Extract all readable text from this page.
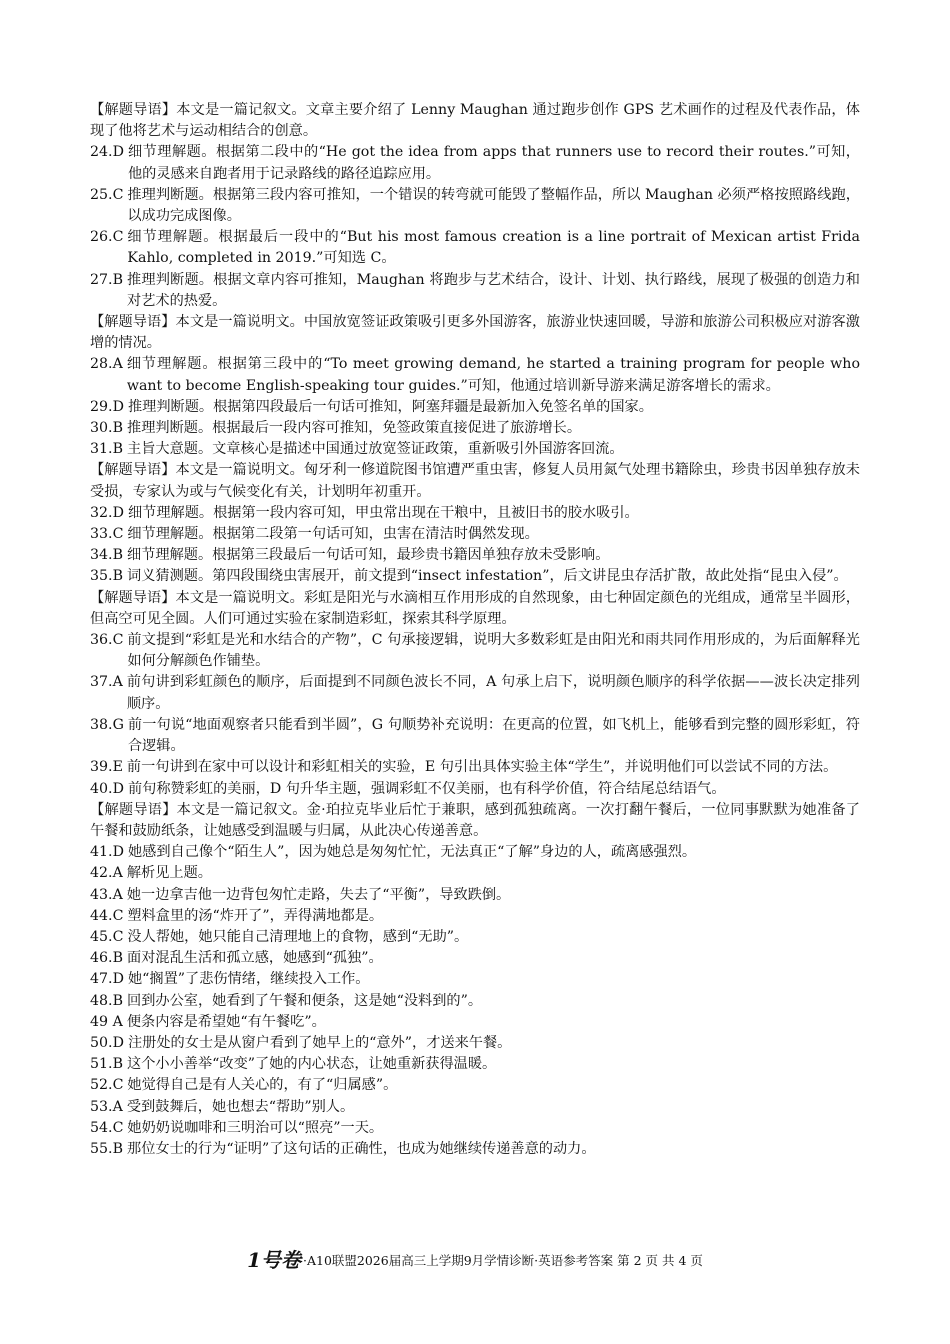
【解题导语】本文是一篇记叙文。文章主要介绍了 Lenny Maughan 通过跑步创作 GPS 艺术画作的过程及代表作品，体现了他将艺术与运动相结合的创意。
24.D 细节理解题。根据第二段中的“He got the idea from apps that runners use to record their routes.”可知，他的灵感来自跑者用于记录路线的路径追踪应用。
25.C 推理判断题。根据第三段内容可推知，一个错误的转弯就可能毁了整幅作品，所以 Maughan 必须严格按照路线跑，以成功完成图像。
26.C 细节理解题。根据最后一段中的“But his most famous creation is a line portrait of Mexican artist Frida Kahlo, completed in 2019.”可知选 C。
27.B 推理判断题。根据文章内容可推知，Maughan 将跑步与艺术结合，设计、计划、执行路线，展现了极强的创造力和对艺术的热爱。
【解题导语】本文是一篇说明文。中国放宽签证政策吸引更多外国游客，旅游业快速回暖，导游和旅游公司积极应对游客激增的情况。
28.A 细节理解题。根据第三段中的“To meet growing demand, he started a training program for people who want to become English-speaking tour guides.”可知，他通过培训新导游来满足游客增长的需求。
29.D 推理判断题。根据第四段最后一句话可推知，阿塞拜疆是最新加入免签名单的国家。
30.B 推理判断题。根据最后一段内容可推知，免签政策直接促进了旅游增长。
31.B 主旨大意题。文章核心是描述中国通过放宽签证政策，重新吸引外国游客回流。
【解题导语】本文是一篇说明文。匈牙利一修道院图书馆遭严重虫害，修复人员用氮气处理书籍除虫，珍贵书因单独存放未受损，专家认为或与气候变化有关，计划明年初重开。
32.D 细节理解题。根据第一段内容可知，甲虫常出现在干粮中，且被旧书的胶水吸引。
33.C 细节理解题。根据第二段第一句话可知，虫害在清洁时偶然发现。
34.B 细节理解题。根据第三段最后一句话可知，最珍贵书籍因单独存放未受影响。
35.B 词义猜测题。第四段围绕虫害展开，前文提到“insect infestation”，后文讲昆虫存活扩散，故此处指“昆虫入侵”。
【解题导语】本文是一篇说明文。彩虹是阳光与水滴相互作用形成的自然现象，由七种固定颜色的光组成，通常呈半圆形，但高空可见全圆。人们可通过实验在家制造彩虹，探索其科学原理。
36.C 前文提到“彩虹是光和水结合的产物”，C 句承接逻辑，说明大多数彩虹是由阳光和雨共同作用形成的，为后面解释光如何分解颜色作铺垫。
37.A 前句讲到彩虹颜色的顺序，后面提到不同颜色波长不同，A 句承上启下，说明颜色顺序的科学依据——波长决定排列顺序。
38.G 前一句说“地面观察者只能看到半圆”，G 句顺势补充说明：在更高的位置，如飞机上，能够看到完整的圆形彩虹，符合逻辑。
39.E 前一句讲到在家中可以设计和彩虹相关的实验，E 句引出具体实验主体“学生”，并说明他们可以尝试不同的方法。
40.D 前句称赞彩虹的美丽，D 句升华主题，强调彩虹不仅美丽，也有科学价值，符合结尾总结语气。
【解题导语】本文是一篇记叙文。金·珀拉克毕业后忙于兼职，感到孤独疏离。一次打翻午餐后，一位同事默默为她准备了午餐和鼓励纸条，让她感受到温暖与归属，从此决心传递善意。
41.D 她感到自己像个“陌生人”，因为她总是匆匆忙忙，无法真正“了解”身边的人，疏离感强烈。
42.A 解析见上题。
43.A 她一边拿吉他一边背包匆忙走路，失去了“平衡”，导致跌倒。
44.C 塑料盒里的汤“炸开了”，弄得满地都是。
45.C 没人帮她，她只能自己清理地上的食物，感到“无助”。
46.B 面对混乱生活和孤立感，她感到“孤独”。
47.D 她“搁置”了悲伤情绪，继续投入工作。
48.B 回到办公室，她看到了午餐和便条，这是她“没料到的”。
49 A 便条内容是希望她“有午餐吃”。
50.D 注册处的女士是从窗户看到了她早上的“意外”，才送来午餐。
51.B 这个小小善举“改变”了她的内心状态，让她重新获得温暖。
52.C 她觉得自己是有人关心的，有了“归属感”。
53.A 受到鼓舞后，她也想去“帮助”别人。
54.C 她奶奶说咖啡和三明治可以“照亮”一天。
55.B 那位女士的行为“证明”了这句话的正确性，也成为她继续传递善意的动力。
1号卷 ·A10联盟2026届高三上学期9月学情诊断·英语参考答案 第 2 页 共 4 页
